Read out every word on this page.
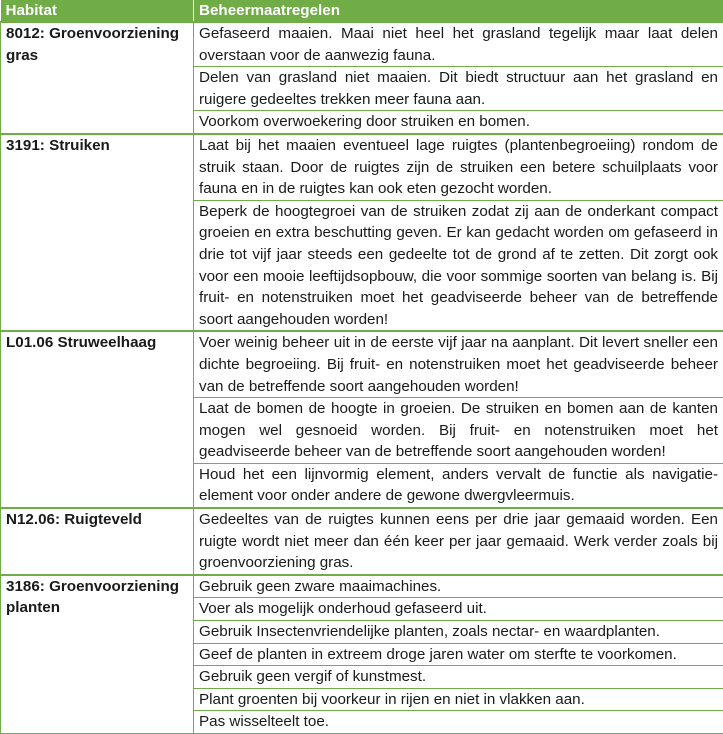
Habitat	Beheermaatregelen
8012: Groenvoorziening gras	Gefaseerd maaien. Maai niet heel het grasland tegelijk maar laat delen overstaan voor de aanwezig fauna.
	Delen van grasland niet maaien. Dit biedt structuur aan het grasland en ruigere gedeeltes trekken meer fauna aan.
	Voorkom overwoekering door struiken en bomen.
3191: Struiken	Laat bij het maaien eventueel lage ruigtes (plantenbegroeiing) rondom de struik staan. Door de ruigtes zijn de struiken een betere schuilplaats voor fauna en in de ruigtes kan ook eten gezocht worden.
	Beperk de hoogtegroei van de struiken zodat zij aan de onderkant compact groeien en extra beschutting geven. Er kan gedacht worden om gefaseerd in drie tot vijf jaar steeds een gedeelte tot de grond af te zetten. Dit zorgt ook voor een mooie leeftijdsopbouw, die voor sommige soorten van belang is. Bij fruit- en notenstruiken moet het geadviseerde beheer van de betreffende soort aangehouden worden!
L01.06 Struweelhaag	Voer weinig beheer uit in de eerste vijf jaar na aanplant. Dit levert sneller een dichte begroeiing. Bij fruit- en notenstruiken moet het geadviseerde beheer van de betreffende soort aangehouden worden!
	Laat de bomen de hoogte in groeien. De struiken en bomen aan de kanten mogen wel gesnoeid worden. Bij fruit- en notenstruiken moet het geadviseerde beheer van de betreffende soort aangehouden worden!
	Houd het een lijnvormig element, anders vervalt de functie als navigatie-element voor onder andere de gewone dwergvleermuis.
N12.06: Ruigteveld	Gedeeltes van de ruigtes kunnen eens per drie jaar gemaaid worden. Een ruigte wordt niet meer dan één keer per jaar gemaaid. Werk verder zoals bij groenvoorziening gras.
3186: Groenvoorziening planten	Gebruik geen zware maaimachines.
	Voer als mogelijk onderhoud gefaseerd uit.
	Gebruik Insectenvriendelijke planten, zoals nectar- en waardplanten.
	Geef de planten in extreem droge jaren water om sterfte te voorkomen.
	Gebruik geen vergif of kunstmest.
	Plant groenten bij voorkeur in rijen en niet in vlakken aan.
	Pas wisselteelt toe.
